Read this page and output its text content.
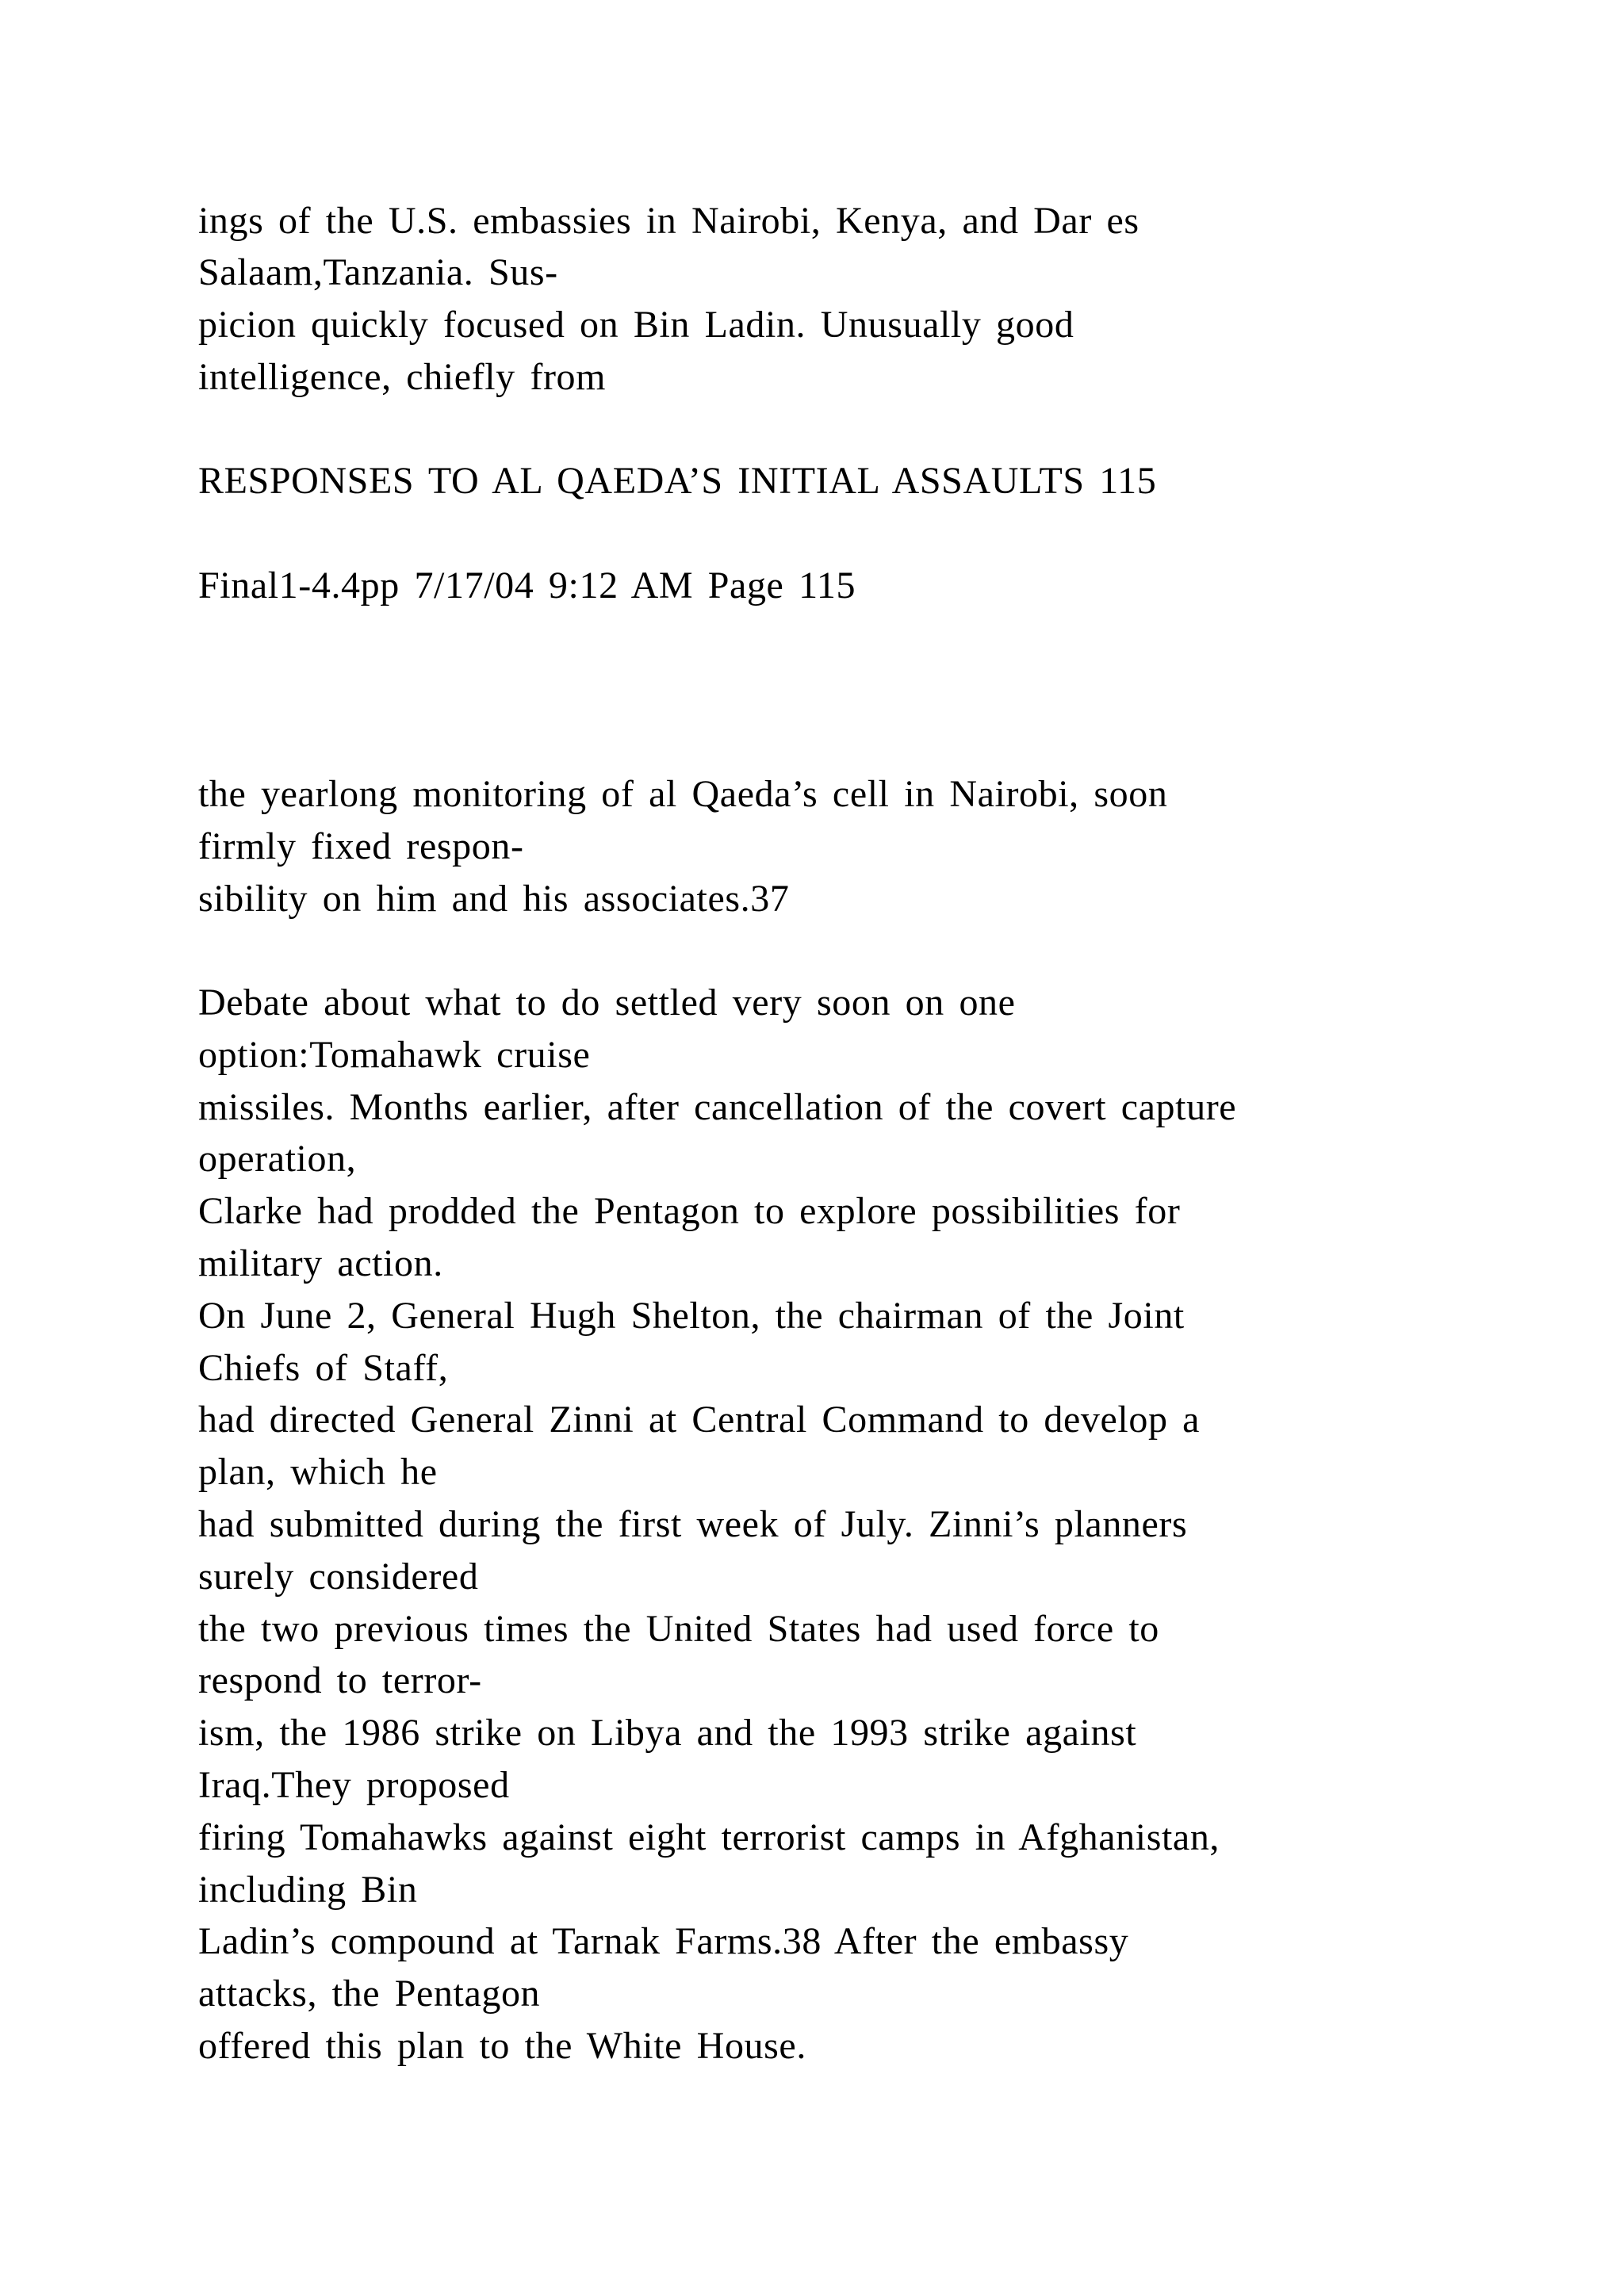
ings of the U.S. embassies in Nairobi, Kenya, and Dar es

Salaam,Tanzania. Sus-

picion quickly focused on Bin Ladin. Unusually good

intelligence, chiefly from

RESPONSES TO AL QAEDA’S INITIAL ASSAULTS 115

Final1-4.4pp 7/17/04 9:12 AM Page 115

the yearlong monitoring of al Qaeda’s cell in Nairobi, soon

firmly fixed respon-

sibility on him and his associates.37

Debate about what to do settled very soon on one

option:Tomahawk cruise

missiles. Months earlier, after cancellation of the covert capture

operation,

Clarke had prodded the Pentagon to explore possibilities for

military action.

On June 2, General Hugh Shelton, the chairman of the Joint

Chiefs of Staff,

had directed General Zinni at Central Command to develop a

plan, which he

had submitted during the first week of July. Zinni’s planners

surely considered

the two previous times the United States had used force to

respond to terror-

ism, the 1986 strike on Libya and the 1993 strike against

Iraq.They proposed

firing Tomahawks against eight terrorist camps in Afghanistan,

including Bin

Ladin’s compound at Tarnak Farms.38 After the embassy

attacks, the Pentagon

offered this plan to the White House.
